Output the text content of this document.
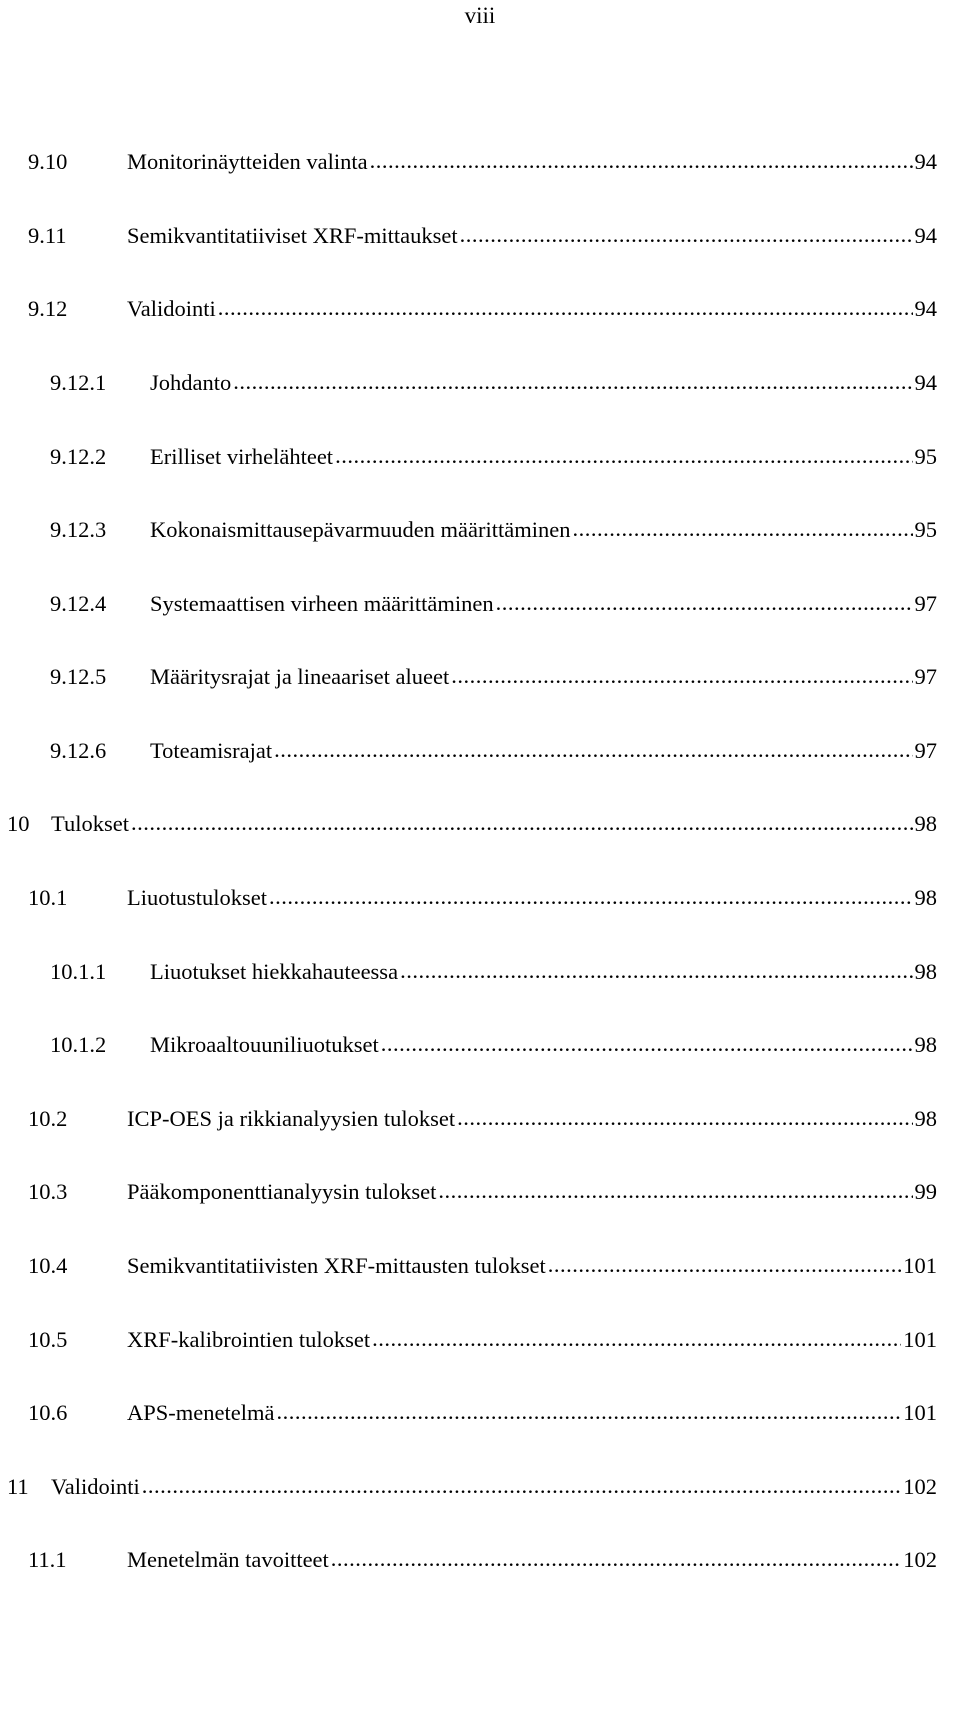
viii
9.10	Monitorinäytteiden valinta .....	94
9.11	Semikvantitatiiviset XRF-mittaukset .....	94
9.12	Validointi .....	94
9.12.1	Johdanto .....	94
9.12.2	Erilliset virhelähteet .....	95
9.12.3	Kokonaismittausepävarmuuden määrittäminen .....	95
9.12.4	Systemaattisen virheen määrittäminen .....	97
9.12.5	Määritysrajat ja lineaariset alueet .....	97
9.12.6	Toteamisrajat .....	97
10 Tulokset .....	98
10.1	Liuotustulokset .....	98
10.1.1	Liuotukset hiekkahauteessa .....	98
10.1.2	Mikroaaltouuniliuotukset .....	98
10.2	ICP-OES ja rikkianalyysien tulokset .....	98
10.3	Pääkomponenttianalyysin tulokset .....	99
10.4	Semikvantitatiivisten XRF-mittausten tulokset .....	101
10.5	XRF-kalibrointien tulokset .....	101
10.6	APS-menetelmä .....	101
11 Validointi .....	102
11.1	Menetelmän tavoitteet .....	102
